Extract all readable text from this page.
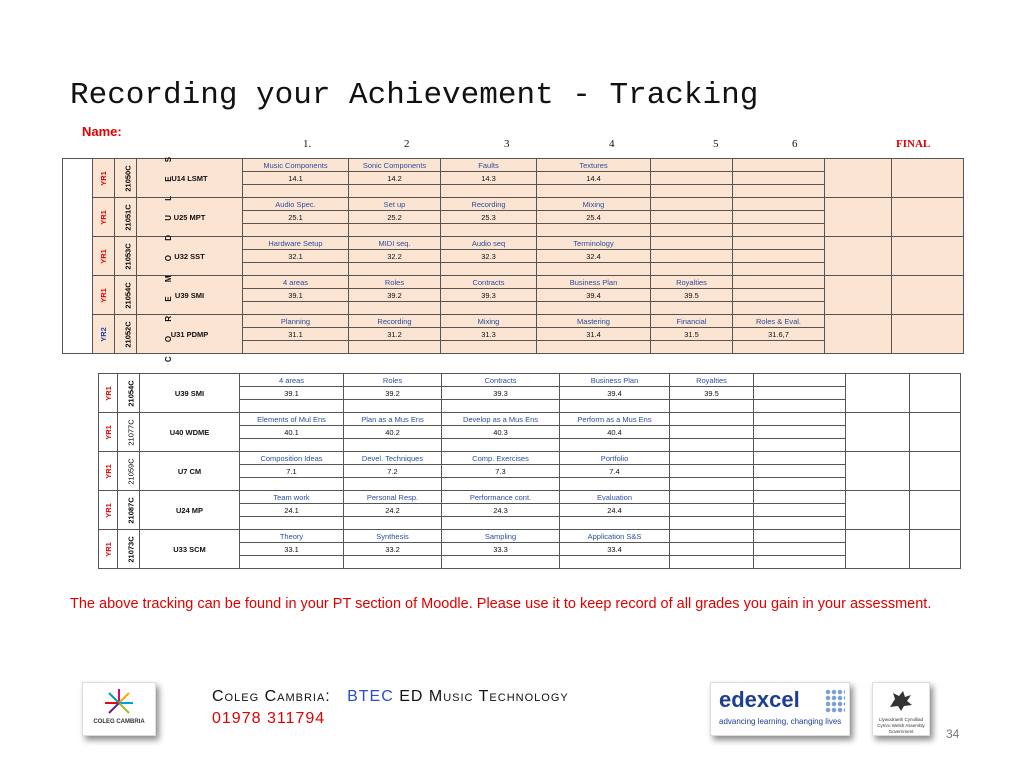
Recording your Achievement - Tracking
Name:
1.	2	3	4	5	6	FINAL
C O R E M O D U L E S	YR1	21050C	U14 LSMT	Music Components	Sonic Components	Faults	Textures				
				14.1	14.2	14.3	14.4				

	YR1	21051C	U25 MPT	Audio Spec.	Set up	Recording	Mixing				
				25.1	25.2	25.3	25.4				

	YR1	21053C	U32 SST	Hardware Setup	MIDI seq.	Audio seq	Terminology				
				32.1	32.2	32.3	32.4				

	YR1	21054C	U39 SMI	4 areas	Roles	Contracts	Business Plan	Royalties			
				39.1	39.2	39.3	39.4	39.5			

	YR2	21052C	U31 PDMP	Planning	Recording	Mixing	Mastering	Financial	Roles & Eval.		
				31.1	31.2	31.3	31.4	31.5	31.6,7		

YR1	21054C	U39 SMI	4 areas	Roles	Contracts	Business Plan	Royalties			
			39.1	39.2	39.3	39.4	39.5			

YR1	21077C	U40 WDME	Elements of Mul Ens	Plan as a Mus Ens	Develop as a Mus Ens	Perform as a Mus Ens				
			40.1	40.2	40.3	40.4				

YR1	21059C	U7 CM	Composition Ideas	Devel. Techniques	Comp. Exercises	Portfolio				
			7.1	7.2	7.3	7.4				

YR1	21087C	U24 MP	Team work	Personal Resp.	Performance cont.	Evaluation				
			24.1	24.2	24.3	24.4				

YR1	21073C	U33 SCM	Theory	Synthesis	Sampling	Application S&S				
			33.1	33.2	33.3	33.4				

The above tracking can be found in your PT section of Moodle. Please use it to keep record of all grades you gain in your assessment.
COLEG CAMBRIA
Coleg Cambria: BTEC ED Music Technology
01978 311794
edexcel
advancing learning, changing lives	Llywodraeth Cynulliad Cymru Welsh Assembly Government	34
